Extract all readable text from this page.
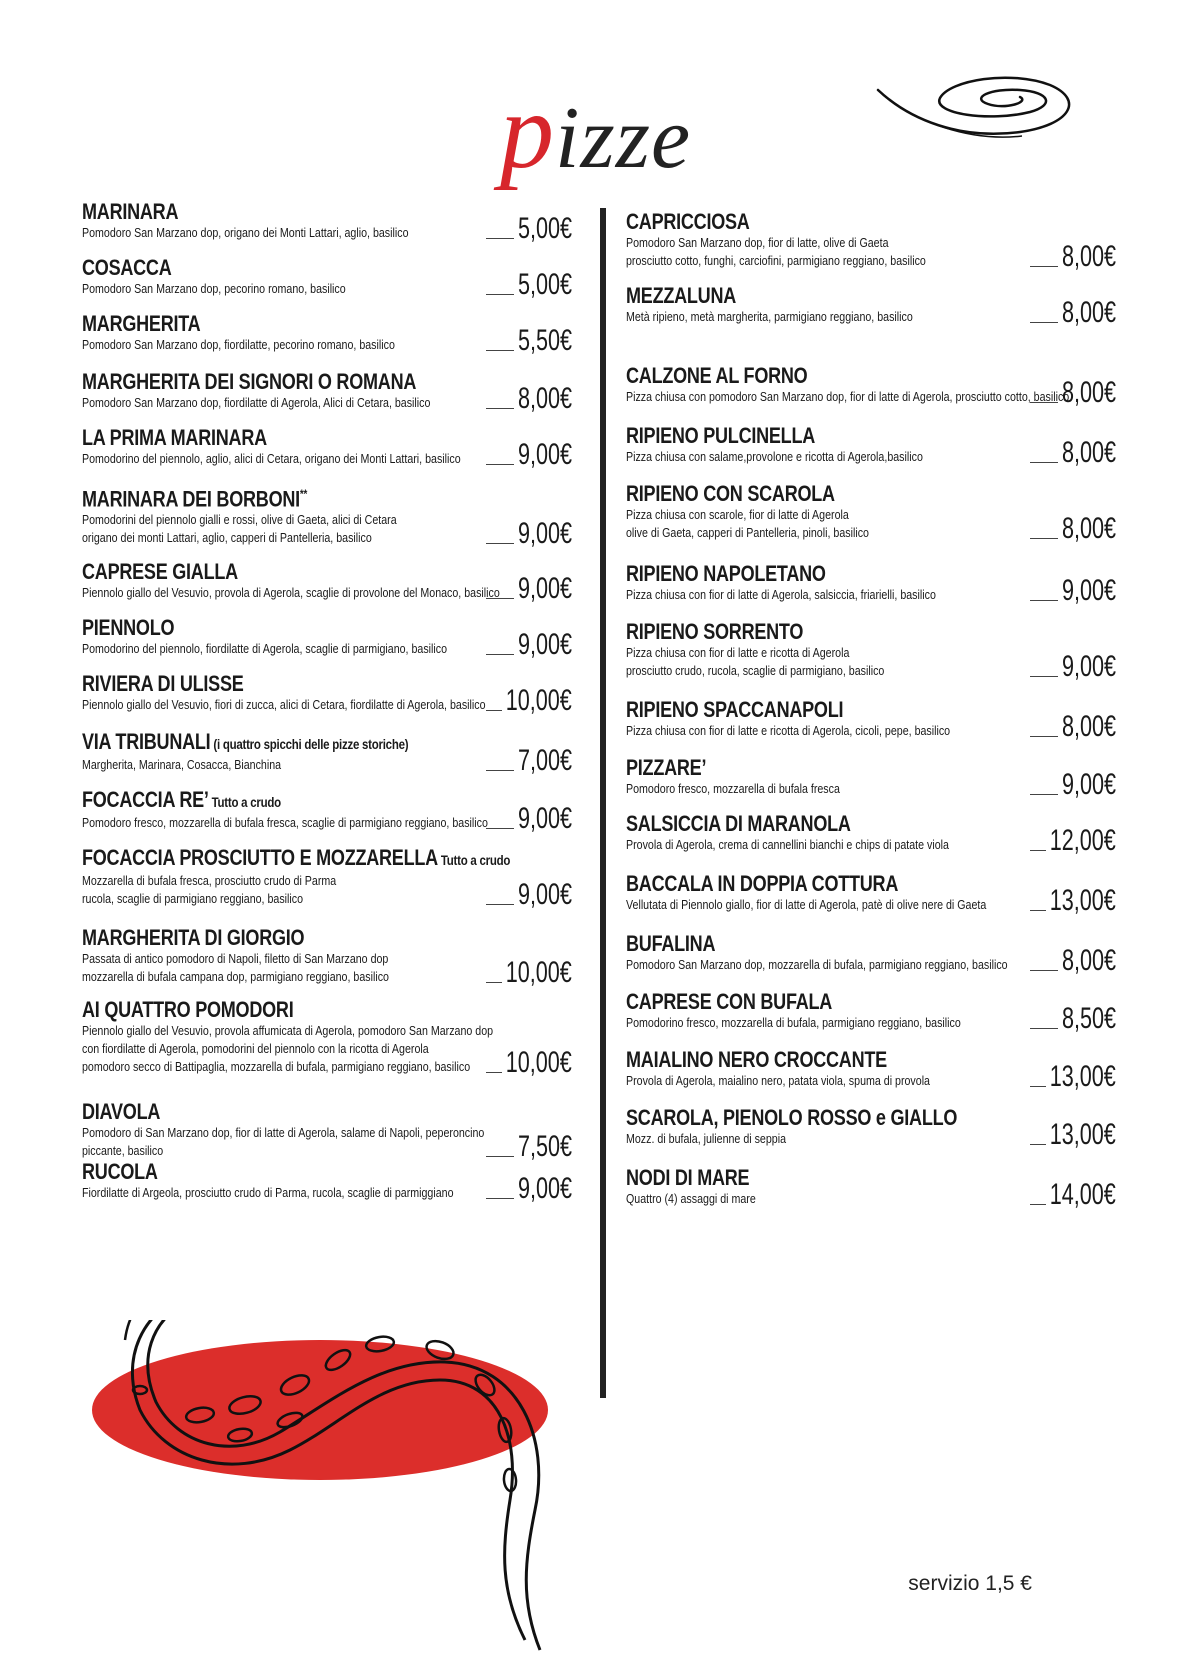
pizze
MARINARA
Pomodoro San Marzano dop, origano dei Monti Lattari, aglio, basilico	5,00€
COSACCA
Pomodoro San Marzano dop, pecorino romano, basilico	5,00€
MARGHERITA
Pomodoro San Marzano dop, fiordilatte, pecorino romano, basilico	5,50€
MARGHERITA DEI SIGNORI O ROMANA
Pomodoro San Marzano dop, fiordilatte di Agerola, Alici di Cetara, basilico	8,00€
LA PRIMA MARINARA
Pomodorino del piennolo, aglio, alici di Cetara, origano dei Monti Lattari, basilico	9,00€
MARINARA DEI BORBONI**
Pomodorini del piennolo gialli e rossi, olive di Gaeta, alici di Cetara
origano dei monti Lattari, aglio, capperi di Pantelleria, basilico	9,00€
CAPRESE GIALLA
Piennolo giallo del Vesuvio, provola di Agerola, scaglie di provolone del Monaco, basilico 9,00€
PIENNOLO
Pomodorino del piennolo, fiordilatte di Agerola, scaglie di parmigiano, basilico	9,00€
RIVIERA DI ULISSE
Piennolo giallo del Vesuvio, fiori di zucca, alici di Cetara, fiordilatte di Agerola, basilico 10,00€
VIA TRIBUNALI (i quattro spicchi delle pizze storiche)
Margherita, Marinara, Cosacca, Bianchina	7,00€
FOCACCIA RE’ Tutto a crudo
Pomodoro fresco, mozzarella di bufala fresca, scaglie di parmigiano reggiano, basilico 9,00€
FOCACCIA PROSCIUTTO E MOZZARELLA Tutto a crudo
Mozzarella di bufala fresca, prosciutto crudo di Parma
rucola, scaglie di parmigiano reggiano, basilico	9,00€
MARGHERITA DI GIORGIO
Passata di antico pomodoro di Napoli, filetto di San Marzano dop
mozzarella di bufala campana dop, parmigiano reggiano, basilico	10,00€
AI QUATTRO POMODORI
Piennolo giallo del Vesuvio, provola affumicata di Agerola, pomodoro San Marzano dop
con fiordilatte di Agerola, pomodorini del piennolo con la ricotta di Agerola
pomodoro secco di Battipaglia, mozzarella di bufala, parmigiano reggiano, basilico	10,00€
DIAVOLA
Pomodoro di San Marzano dop, fior di latte di Agerola, salame di Napoli, peperoncino
piccante, basilico	7,50€
RUCOLA
Fiordilatte di Argeola, prosciutto crudo di Parma, rucola, scaglie di parmiggiano	9,00€
CAPRICCIOSA
Pomodoro San Marzano dop, fior di latte, olive di Gaeta
prosciutto cotto, funghi, carciofini, parmigiano reggiano, basilico	8,00€
MEZZALUNA
Metà ripieno, metà margherita, parmigiano reggiano, basilico	8,00€
CALZONE AL FORNO
Pizza chiusa con pomodoro San Marzano dop, fior di latte di Agerola, prosciutto cotto, basilico
8,00€
RIPIENO PULCINELLA
Pizza chiusa con salame,provolone e ricotta di Agerola,basilico	8,00€
RIPIENO CON SCAROLA
Pizza chiusa con scarole, fior di latte di Agerola
olive di Gaeta, capperi di Pantelleria, pinoli, basilico	8,00€
RIPIENO NAPOLETANO
Pizza chiusa con fior di latte di Agerola, salsiccia, friarielli, basilico	9,00€
RIPIENO SORRENTO
Pizza chiusa con fior di latte e ricotta di Agerola
prosciutto crudo, rucola, scaglie di parmigiano, basilico	9,00€
RIPIENO SPACCANAPOLI
Pizza chiusa con fior di latte e ricotta di Agerola, cicoli, pepe, basilico	8,00€
PIZZARE’
Pomodoro fresco, mozzarella di bufala fresca	9,00€
SALSICCIA DI MARANOLA
Provola di Agerola, crema di cannellini bianchi e chips di patate viola	12,00€
BACCALA IN DOPPIA COTTURA
Vellutata di Piennolo giallo, fior di latte di Agerola, patè di olive nere di Gaeta	13,00€
BUFALINA
Pomodoro San Marzano dop, mozzarella di bufala, parmigiano reggiano, basilico	8,00€
CAPRESE CON BUFALA
Pomodorino fresco, mozzarella di bufala, parmigiano reggiano, basilico	8,50€
MAIALINO NERO CROCCANTE
Provola di Agerola, maialino nero, patata viola, spuma di provola	13,00€
SCAROLA, PIENOLO ROSSO e GIALLO
Mozz. di bufala, julienne di seppia	13,00€
NODI DI MARE
Quattro (4) assaggi di mare	14,00€
servizio 1,5 €
